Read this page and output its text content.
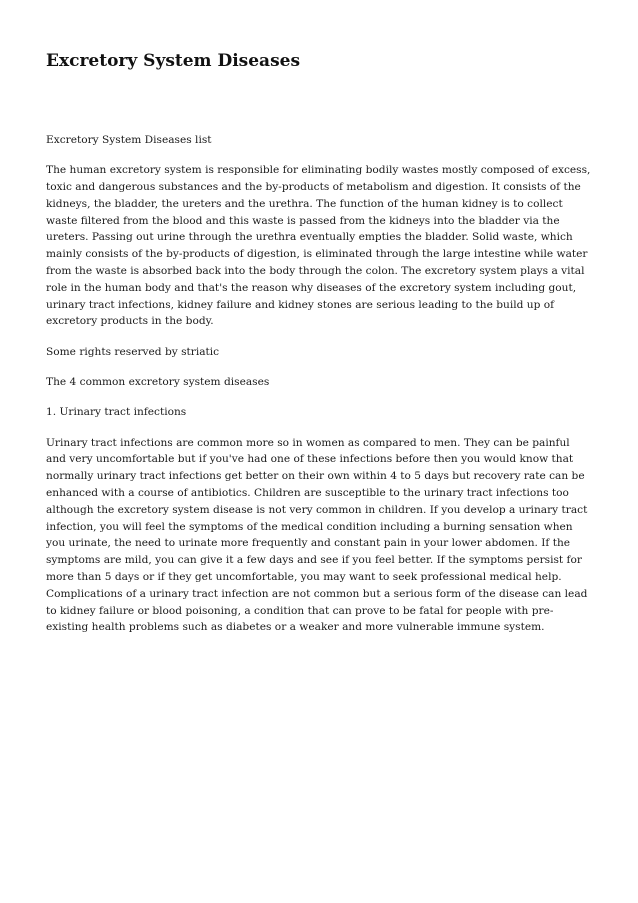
Excretory System Diseases

Excretory System Diseases list

The human excretory system is responsible for eliminating bodily wastes mostly composed of excess,
toxic and dangerous substances and the by-products of metabolism and digestion. It consists of the
kidneys, the bladder, the ureters and the urethra. The function of the human kidney is to collect
waste filtered from the blood and this waste is passed from the kidneys into the bladder via the
ureters. Passing out urine through the urethra eventually empties the bladder. Solid waste, which
mainly consists of the by-products of digestion, is eliminated through the large intestine while water
from the waste is absorbed back into the body through the colon. The excretory system plays a vital
role in the human body and that's the reason why diseases of the excretory system including gout,
urinary tract infections, kidney failure and kidney stones are serious leading to the build up of
excretory products in the body.

Some rights reserved by striatic

The 4 common excretory system diseases

1. Urinary tract infections

Urinary tract infections are common more so in women as compared to men. They can be painful
and very uncomfortable but if you've had one of these infections before then you would know that
normally urinary tract infections get better on their own within 4 to 5 days but recovery rate can be
enhanced with a course of antibiotics. Children are susceptible to the urinary tract infections too
although the excretory system disease is not very common in children. If you develop a urinary tract
infection, you will feel the symptoms of the medical condition including a burning sensation when
you urinate, the need to urinate more frequently and constant pain in your lower abdomen. If the
symptoms are mild, you can give it a few days and see if you feel better. If the symptoms persist for
more than 5 days or if they get uncomfortable, you may want to seek professional medical help.
Complications of a urinary tract infection are not common but a serious form of the disease can lead
to kidney failure or blood poisoning, a condition that can prove to be fatal for people with pre-
existing health problems such as diabetes or a weaker and more vulnerable immune system.
